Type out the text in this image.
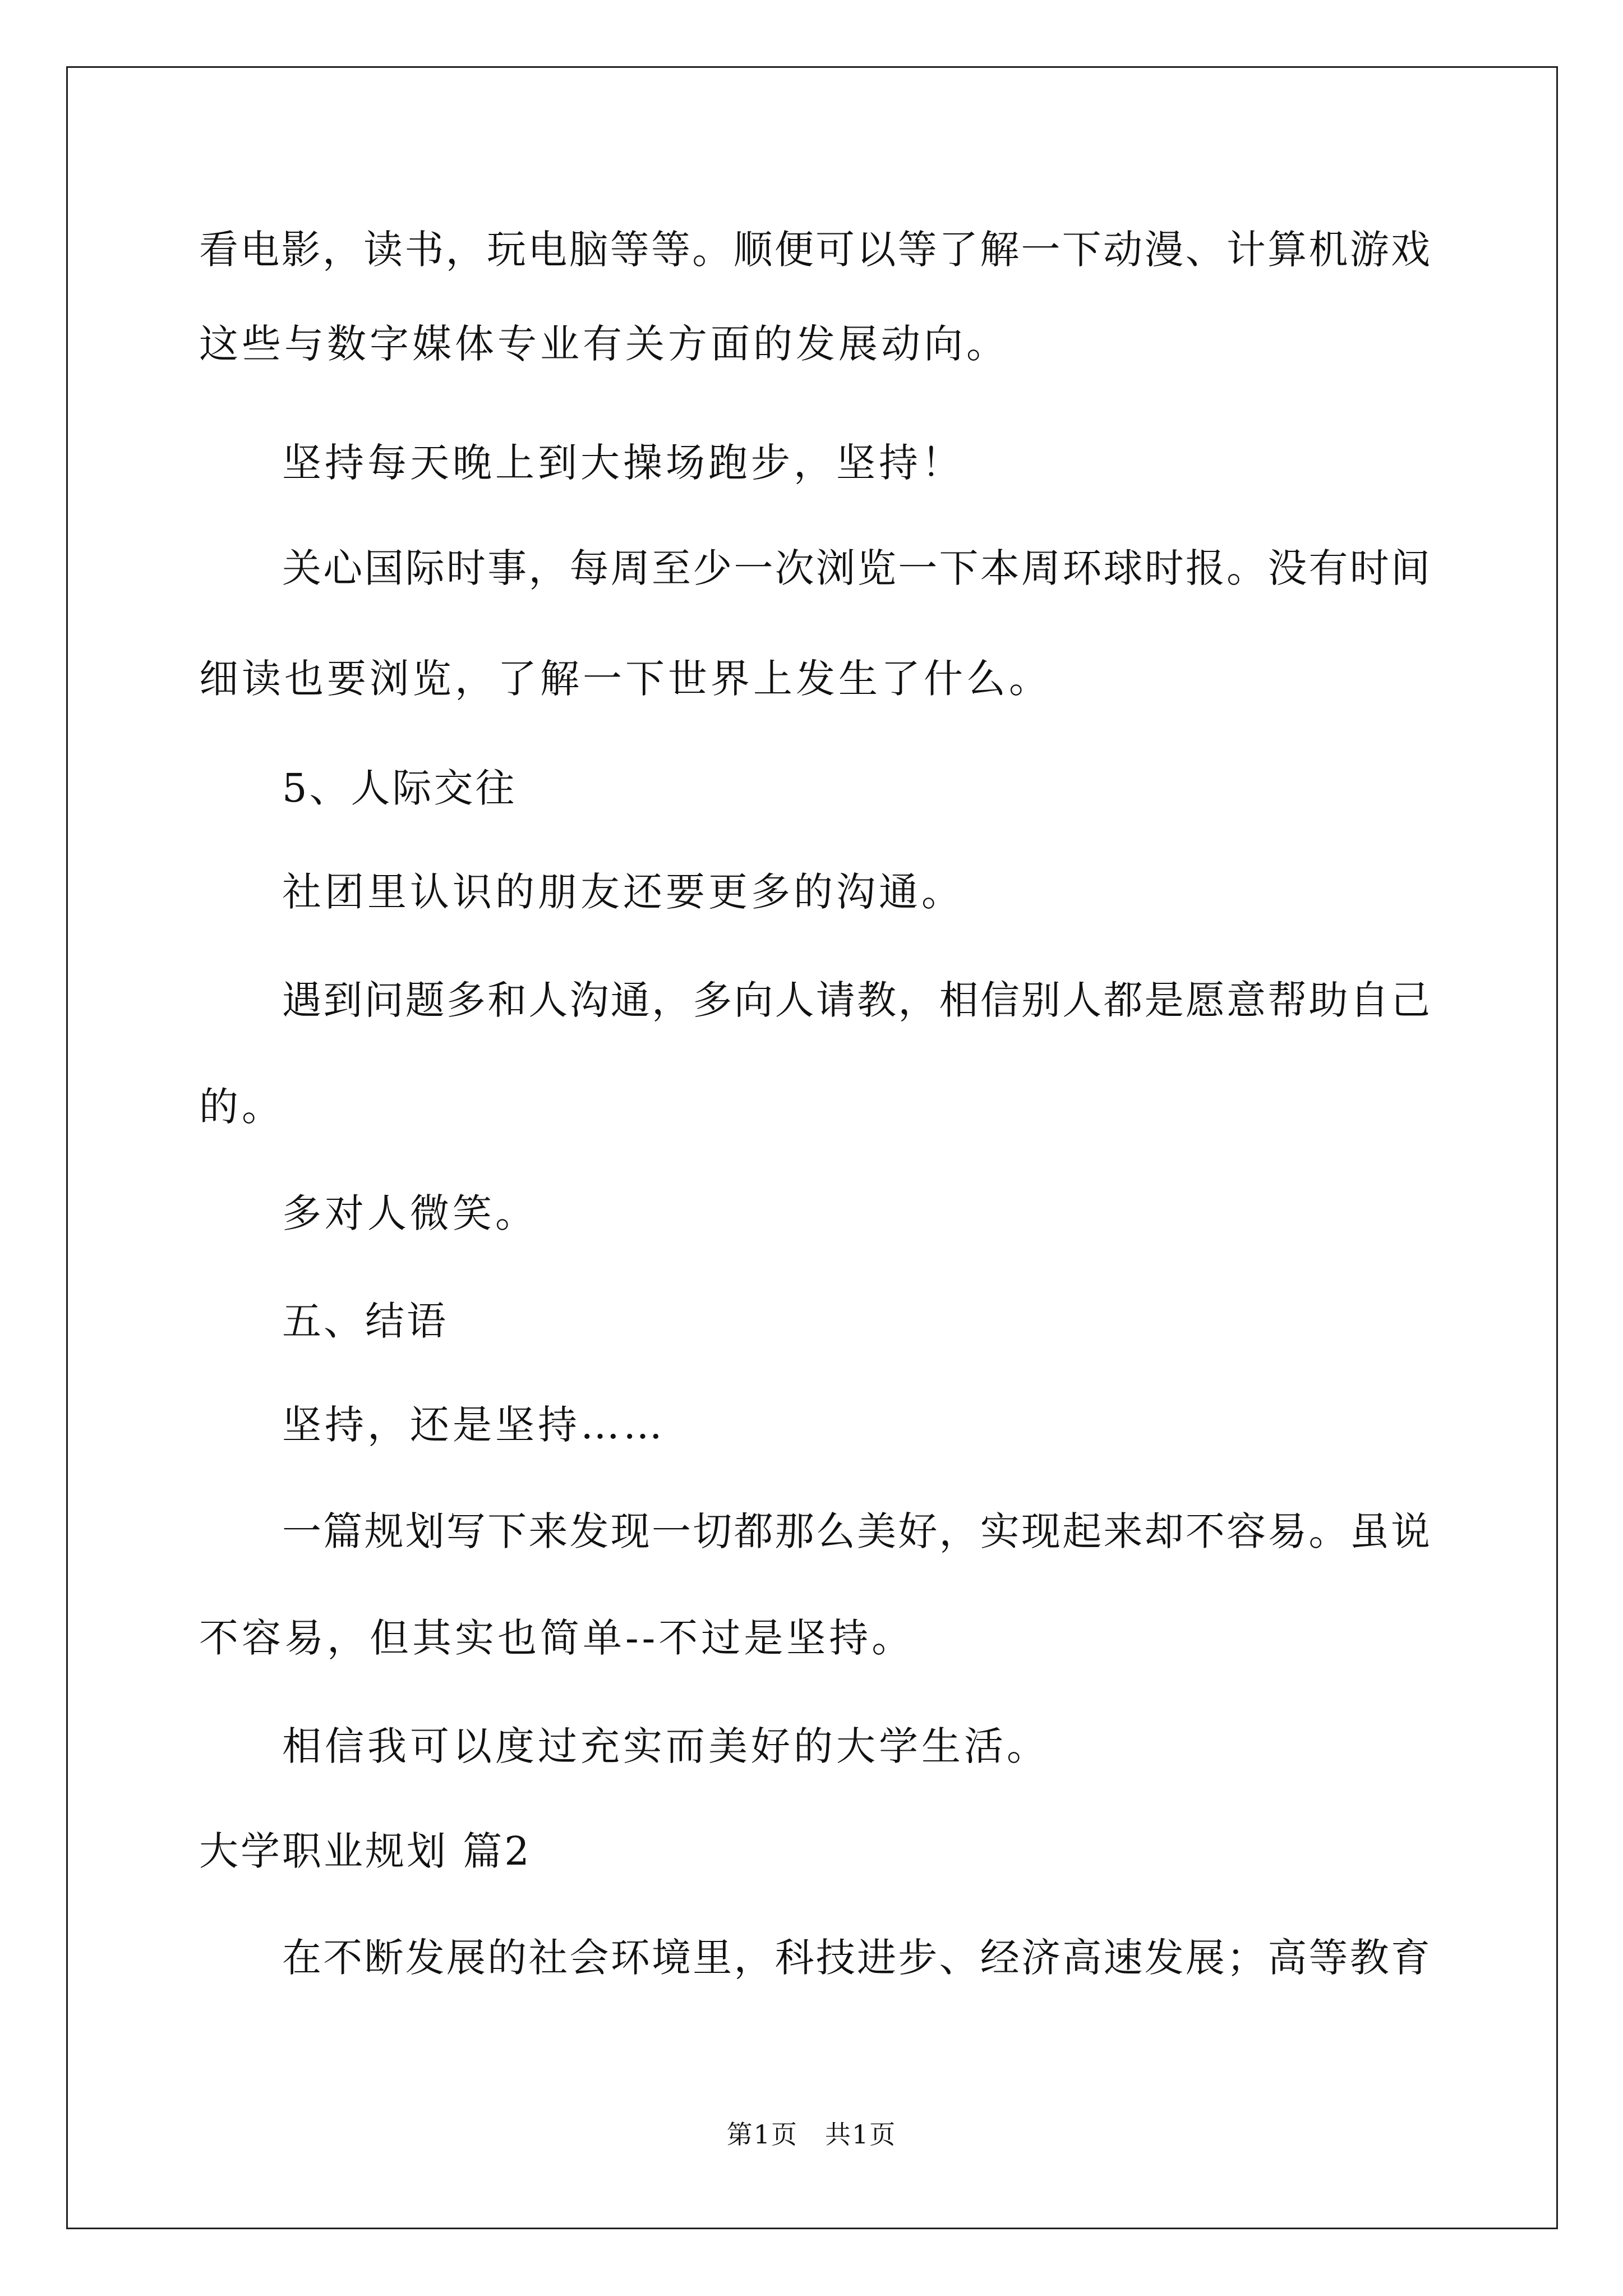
看电影，读书，玩电脑等等。顺便可以等了解一下动漫、计算机游戏
这些与数字媒体专业有关方面的发展动向。
坚持每天晚上到大操场跑步，坚持！
关心国际时事，每周至少一次浏览一下本周环球时报。没有时间
细读也要浏览，了解一下世界上发生了什么。
5、人际交往
社团里认识的朋友还要更多的沟通。
遇到问题多和人沟通，多向人请教，相信别人都是愿意帮助自己
的。
多对人微笑。
五、结语
坚持，还是坚持……
一篇规划写下来发现一切都那么美好，实现起来却不容易。虽说
不容易，但其实也简单--不过是坚持。
相信我可以度过充实而美好的大学生活。
大学职业规划 篇2
在不断发展的社会环境里，科技进步、经济高速发展；高等教育
第1页　共1页
